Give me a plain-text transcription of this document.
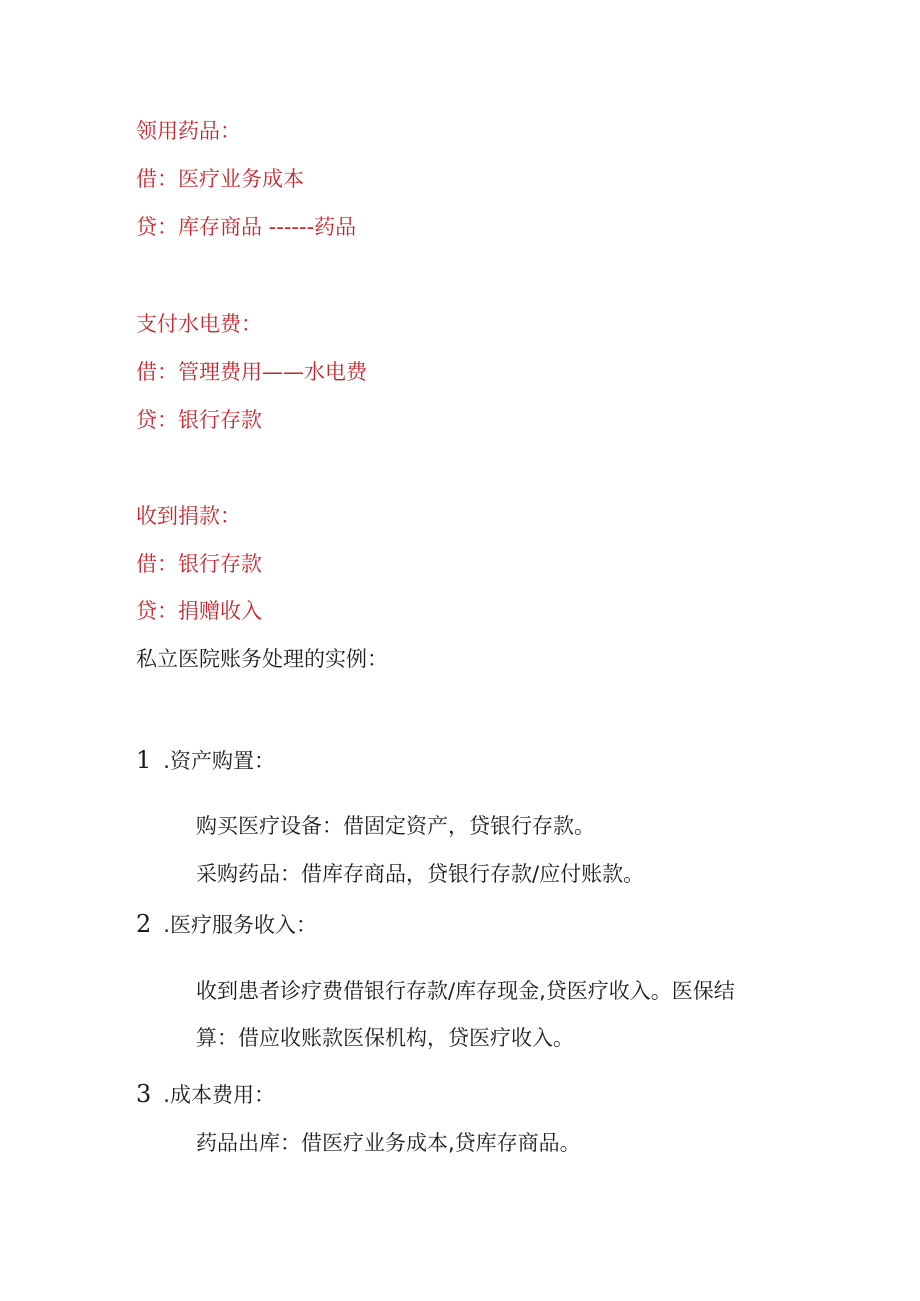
领用药品：
借：医疗业务成本
贷：库存商品 ------药品
支付水电费：
借：管理费用——水电费
贷：银行存款
收到捐款：
借：银行存款
贷：捐赠收入
私立医院账务处理的实例：
1 .资产购置：
购买医疗设备：借固定资产，贷银行存款。
采购药品：借库存商品，贷银行存款/应付账款。
2 .医疗服务收入：
收到患者诊疗费借银行存款/库存现金,贷医疗收入。医保结
算：借应收账款医保机构，贷医疗收入。
3 .成本费用：
药品出库：借医疗业务成本,贷库存商品。
